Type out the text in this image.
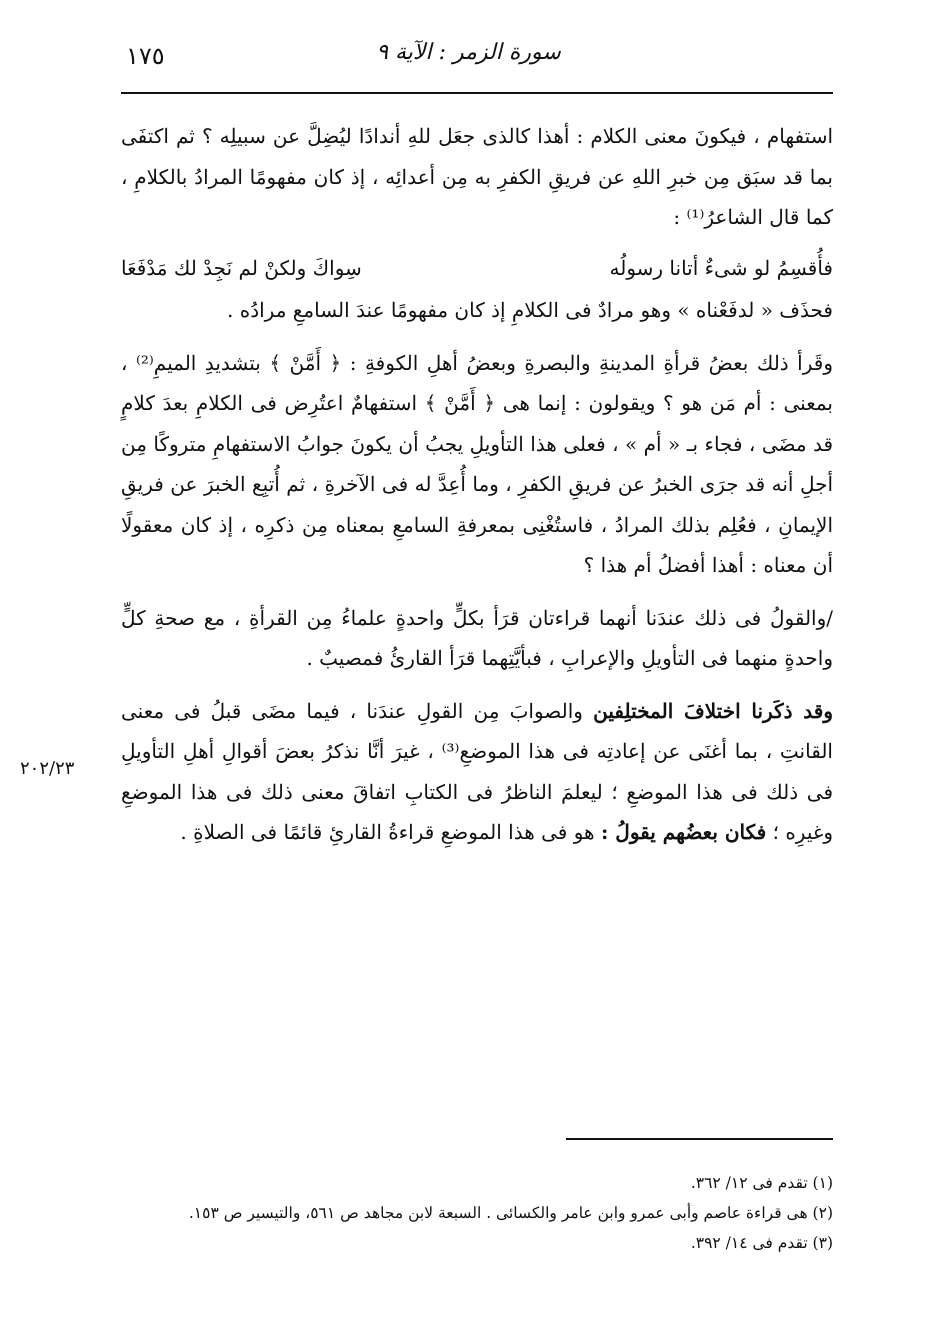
١٧٥	سورة الزمر : الآية ٩

استفهام ، فيكونَ معنى الكلام : أهذا كالذى جعَل للهِ أندادًا ليُضِلَّ عن سبيلِه ؟ ثم اكتفَى بما قد سبَق مِن خبرِ اللهِ عن فريقِ الكفرِ به مِن أعدائِه ، إذ كان مفهومًا المرادُ بالكلامِ ، كما قال الشاعرُ⁽¹⁾ :

فأُقسِمُ لو شىءٌ أتانا رسولُه
سِواكَ ولكنْ لم نَجِدْ لك مَدْفَعَا

فحذَف « لدفَعْناه » وهو مرادٌ فى الكلامِ إذ كان مفهومًا عندَ السامعِ مرادُه .

وقَرأ ذلك بعضُ قرأةِ المدينةِ والبصرةِ وبعضُ أهلِ الكوفةِ : ﴿ أَمَّنْ ﴾ بتشديدِ الميمِ⁽²⁾ ، بمعنى : أم مَن هو ؟ ويقولون : إنما هى ﴿ أَمَّنْ ﴾ استفهامٌ اعتُرِض فى الكلامِ بعدَ كلامٍ قد مضَى ، فجاء بـ « أم » ، فعلى هذا التأويلِ يجبُ أن يكونَ جوابُ الاستفهامِ متروكًا مِن أجلِ أنه قد جرَى الخبرُ عن فريقِ الكفرِ ، وما أُعِدَّ له فى الآخرةِ ، ثم أُتبِع الخبرَ عن فريقِ الإيمانِ ، فعُلِم بذلك المرادُ ، فاستُغْنِى بمعرفةِ السامعِ بمعناه مِن ذكرِه ، إذ كان معقولًا أن معناه : أهذا أفضلُ أم هذا ؟

/والقولُ فى ذلك عندَنا أنهما قراءتان قرَأ بكلٍّ واحدةٍ علماءُ مِن القرأةِ ، مع صحةِ كلٍّ واحدةٍ منهما فى التأويلِ والإعرابِ ، فبأيَّتِهما قرَأ القارئُ فمصيبٌ .

وقد ذكَرنا اختلافَ المختلِفين والصوابَ مِن القولِ عندَنا ، فيما مضَى قبلُ فى معنى القانتِ ، بما أغنَى عن إعادتِه فى هذا الموضعِ⁽³⁾ ، غيرَ أنَّا نذكرُ بعضَ أقوالِ أهلِ التأويلِ فى ذلك فى هذا الموضعِ ؛ ليعلمَ الناظرُ فى الكتابِ اتفاقَ معنى ذلك فى هذا الموضعِ وغيرِه ؛ فكان بعضُهم يقولُ : هو فى هذا الموضعِ قراءةُ القارئِ قائمًا فى الصلاةِ .

٢٠٢/٢٣

(١) تقدم فى ١٢/ ٣٦٢.

(٢) هى قراءة عاصم وأبى عمرو وابن عامر والكسائى . السبعة لابن مجاهد ص ٥٦١، والتيسير ص ١٥٣.

(٣) تقدم فى ١٤/ ٣٩٢.
